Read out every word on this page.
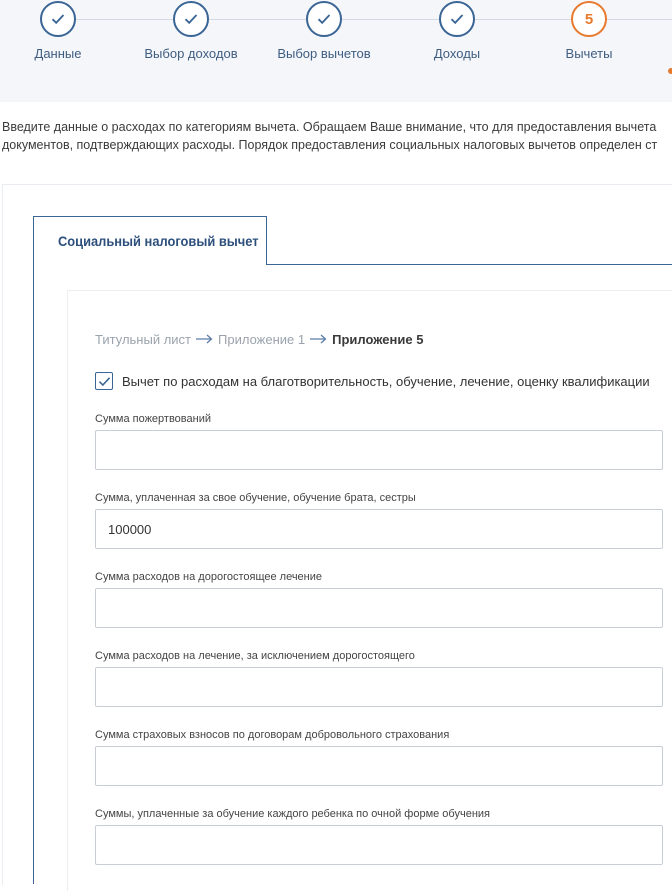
Данные	Выбор доходов	Выбор вычетов	Доходы
5
Вычеты
Введите данные о расходах по категориям вычета. Обращаем Ваше внимание, что для предоставления вычета
документов, подтверждающих расходы. Порядок предоставления социальных налоговых вычетов определен ст
Социальный налоговый вычет
Титульный лист Приложение 1 Приложение 5
Вычет по расходам на благотворительность, обучение, лечение, оценку квалификации
Сумма пожертвований
Сумма, уплаченная за свое обучение, обучение брата, сестры
100000
Сумма расходов на дорогостоящее лечение
Сумма расходов на лечение, за исключением дорогостоящего
Сумма страховых взносов по договорам добровольного страхования
Суммы, уплаченные за обучение каждого ребенка по очной форме обучения
